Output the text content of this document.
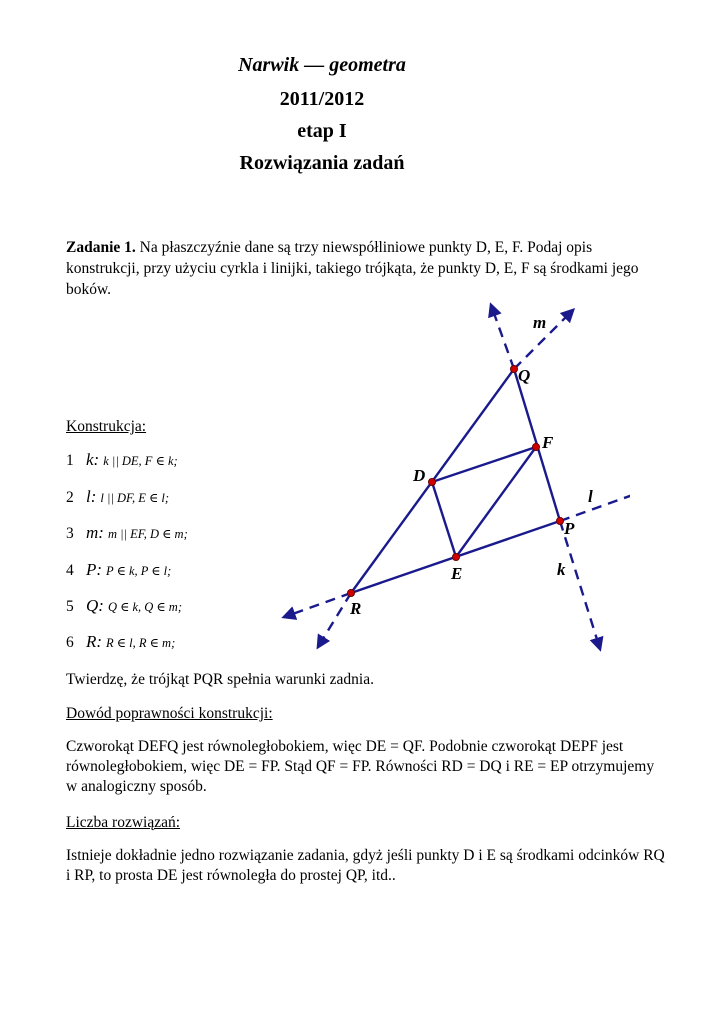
Narwik — geometra
2011/2012
etap I
Rozwiązania zadań
Zadanie 1. Na płaszczyźnie dane są trzy niewspółliniowe punkty D, E, F. Podaj opis konstrukcji, przy użyciu cyrkla i linijki, takiego trójkąta, że punkty D, E, F są środkami jego boków.
Konstrukcja:
1 k: k || DE, F ∈ k;
2 l: l || DF, E ∈ l;
3 m: m || EF, D ∈ m;
4 P: P ∈ k, P ∈ l;
5 Q: Q ∈ k, Q ∈ m;
6 R: R ∈ l, R ∈ m;
Twierdzę, że trójkąt PQR spełnia warunki zadnia.
Dowód poprawności konstrukcji:
Czworokąt DEFQ jest równoległobokiem, więc DE = QF. Podobnie czworokąt DEPF jest równoległobokiem, więc DE = FP. Stąd QF = FP. Równości RD = DQ i RE = EP otrzymujemy w analogiczny sposób.
Liczba rozwiązań:
Istnieje dokładnie jedno rozwiązanie zadania, gdyż jeśli punkty D i E są środkami odcinków RQ i RP, to prosta DE jest równoległa do prostej QP, itd..
m
Q
F
D
l
P
E	k
R
